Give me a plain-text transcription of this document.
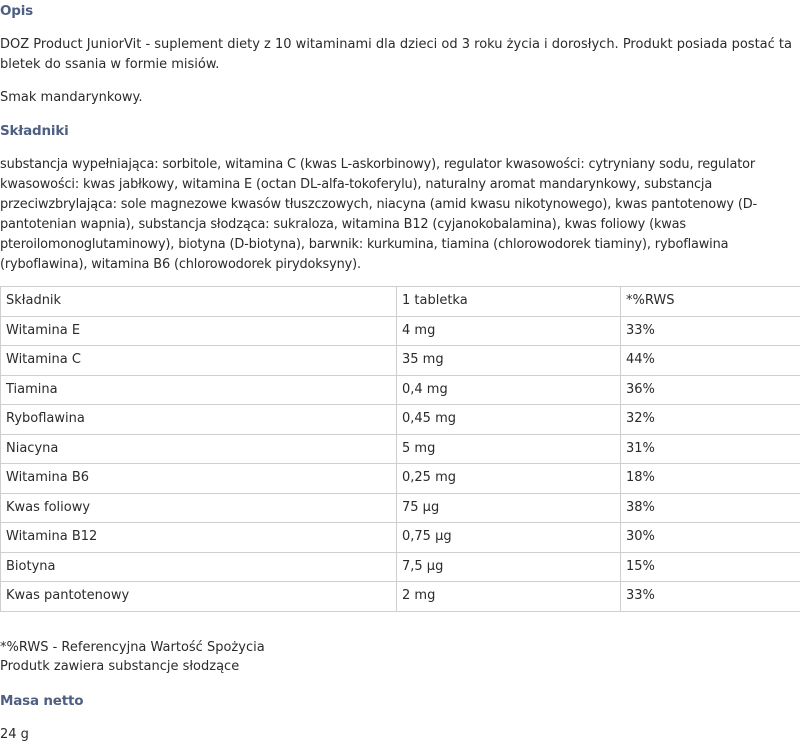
Opis

DOZ Product JuniorVit - suplement diety z 10 witaminami dla dzieci od 3 roku życia i dorosłych. Produkt posiada postać tabletek do ssania w formie misiów.

Smak mandarynkowy.

Składniki

substancja wypełniająca: sorbitole, witamina C (kwas L-askorbinowy), regulator kwasowości: cytryniany sodu, regulator kwasowości: kwas jabłkowy, witamina E (octan DL-alfa-tokoferylu), naturalny aromat mandarynkowy, substancja przeciwzbrylająca: sole magnezowe kwasów tłuszczowych, niacyna (amid kwasu nikotynowego), kwas pantotenowy (D-pantotenian wapnia), substancja słodząca: sukraloza, witamina B12 (cyjanokobalamina), kwas foliowy (kwas pteroilomonoglutaminowy), biotyna (D-biotyna), barwnik: kurkumina, tiamina (chlorowodorek tiaminy), ryboflawina (ryboflawina), witamina B6 (chlorowodorek pirydoksyny).

Składnik	1 tabletka	*%RWS
Witamina E	4 mg	33%
Witamina C	35 mg	44%
Tiamina	0,4 mg	36%
Ryboflawina	0,45 mg	32%
Niacyna	5 mg	31%
Witamina B6	0,25 mg	18%
Kwas foliowy	75 µg	38%
Witamina B12	0,75 µg	30%
Biotyna	7,5 µg	15%
Kwas pantotenowy	2 mg	33%

*%RWS - Referencyjna Wartość Spożycia

Produtk zawiera substancje słodzące

Masa netto

24 g
